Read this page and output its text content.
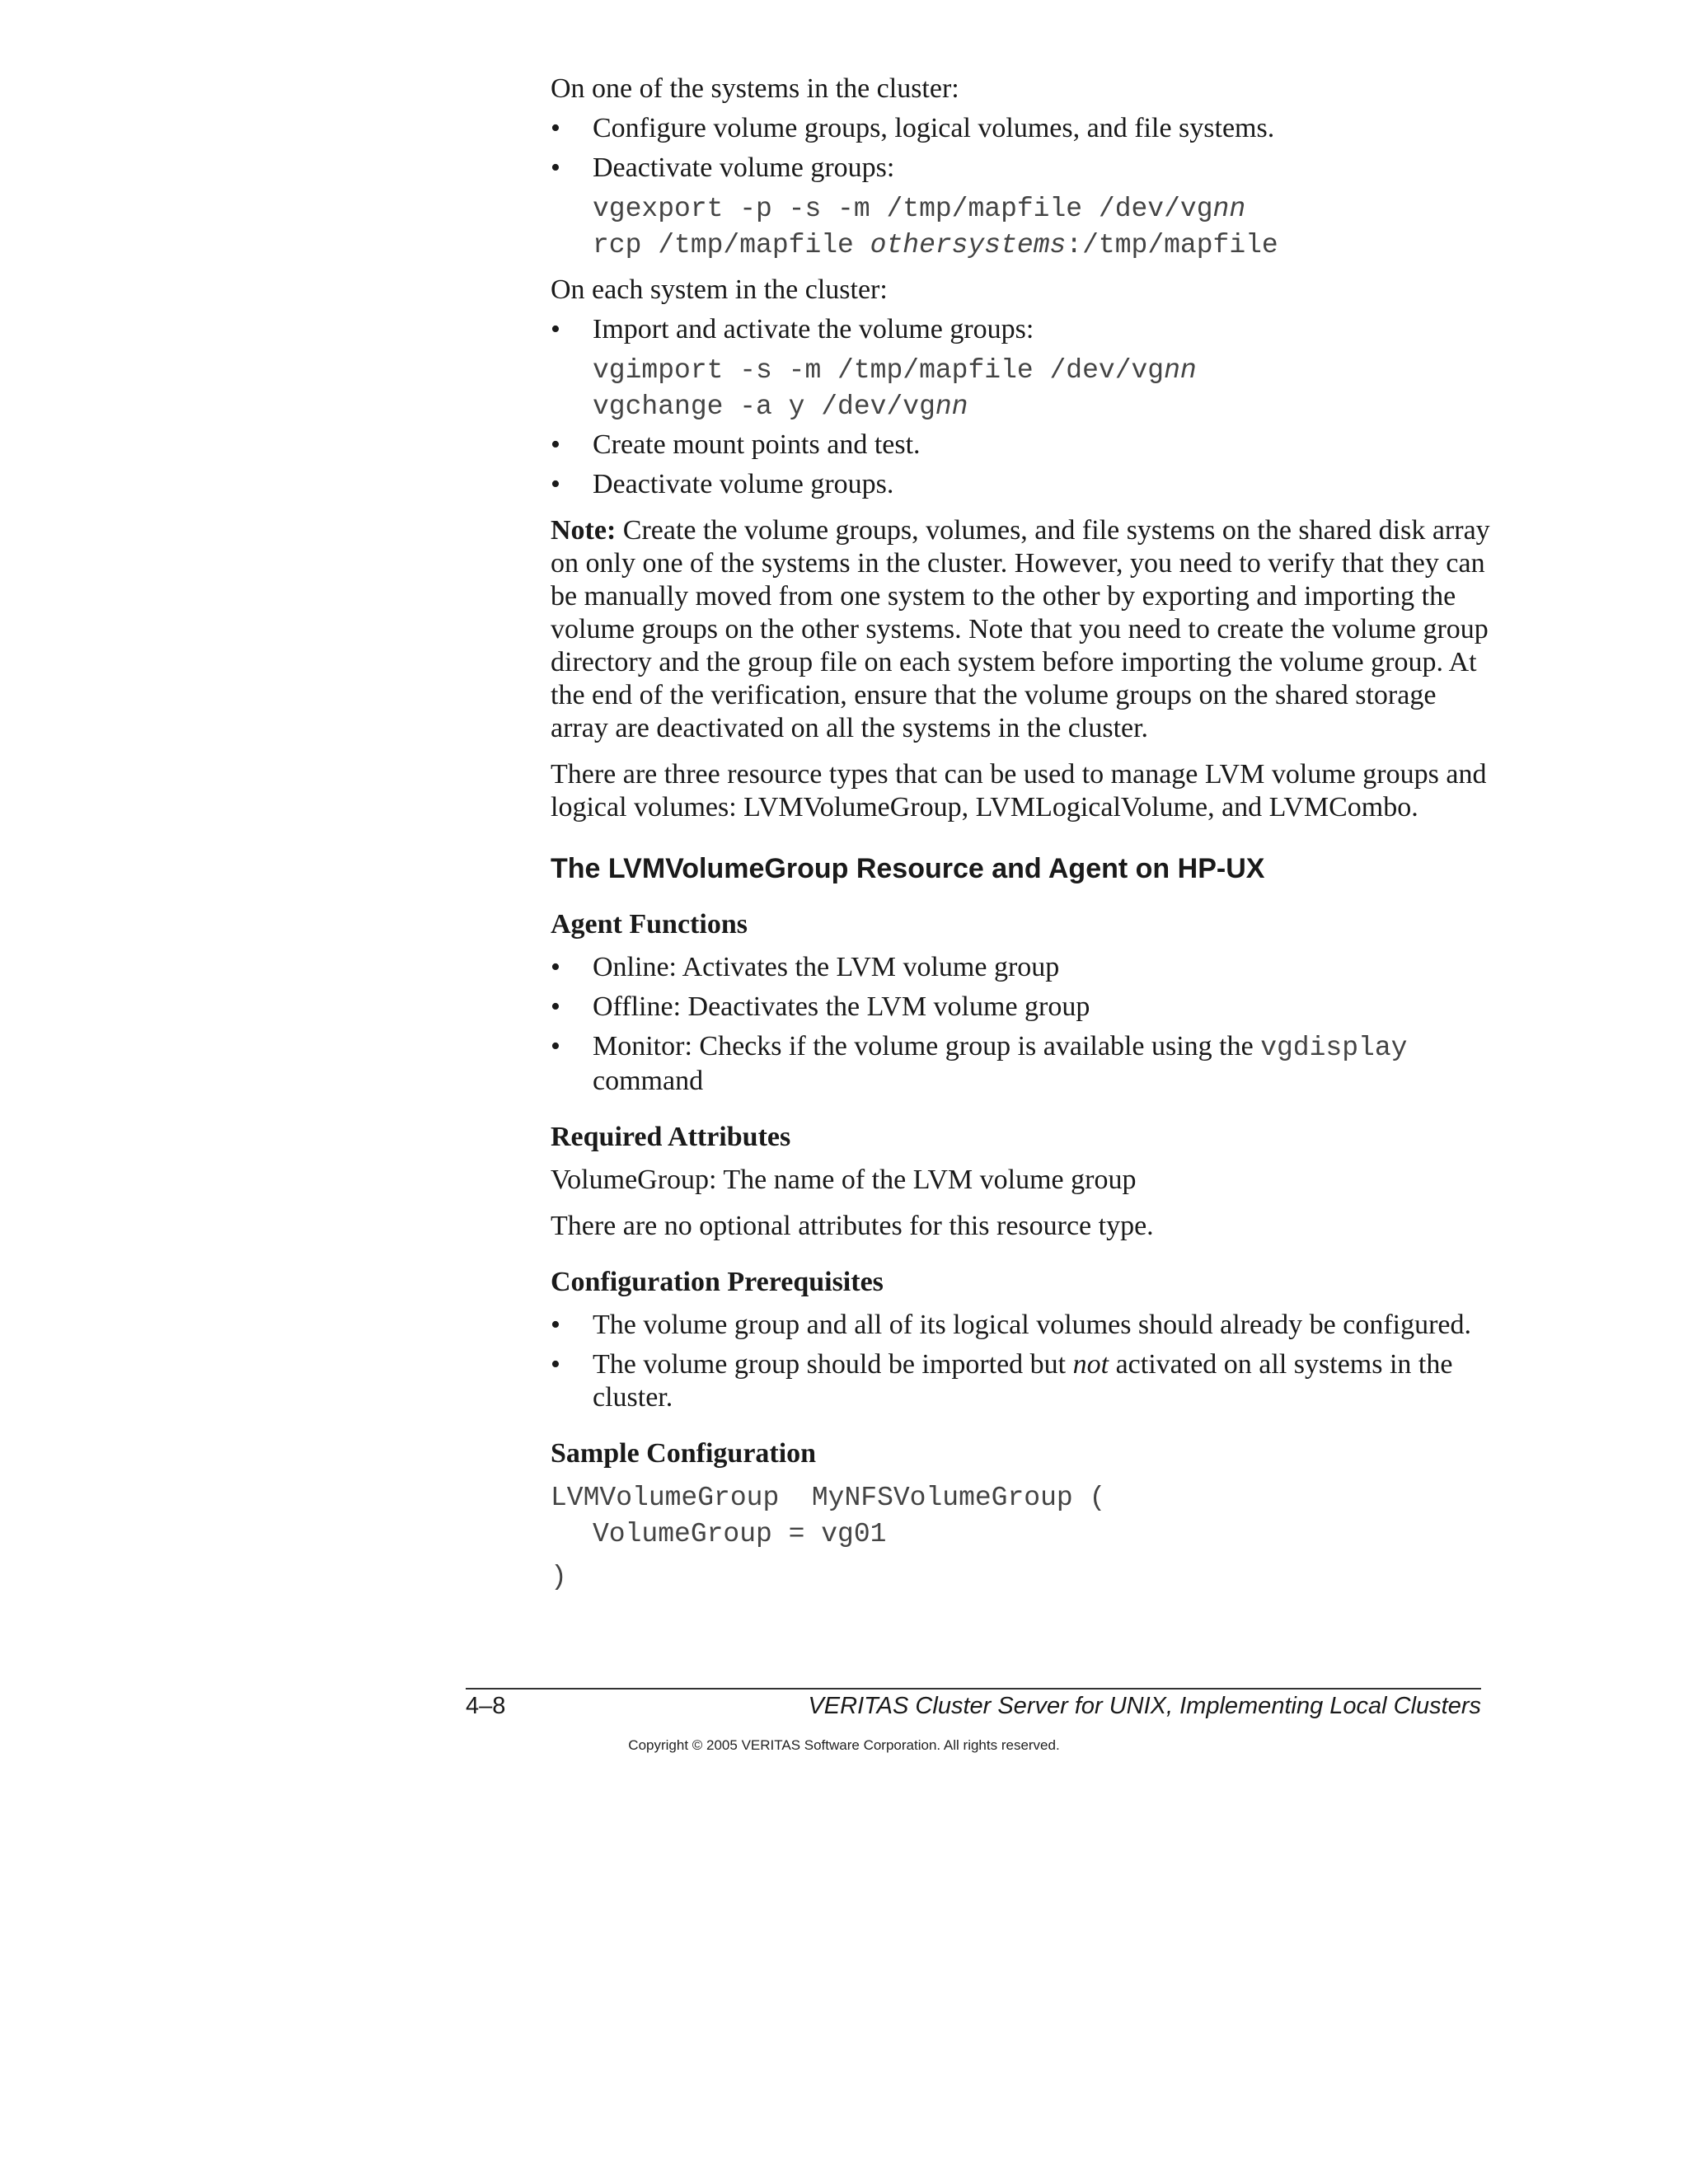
On one of the systems in the cluster:

• Configure volume groups, logical volumes, and file systems.
• Deactivate volume groups:
vgexport -p -s -m /tmp/mapfile /dev/vgnn
rcp /tmp/mapfile othersystems:/tmp/mapfile

On each system in the cluster:

• Import and activate the volume groups:
vgimport -s -m /tmp/mapfile /dev/vgnn
vgchange -a y /dev/vgnn
• Create mount points and test.
• Deactivate volume groups.

Note: Create the volume groups, volumes, and file systems on the shared disk array on only one of the systems in the cluster. However, you need to verify that they can be manually moved from one system to the other by exporting and importing the volume groups on the other systems. Note that you need to create the volume group directory and the group file on each system before importing the volume group. At the end of the verification, ensure that the volume groups on the shared storage array are deactivated on all the systems in the cluster.

There are three resource types that can be used to manage LVM volume groups and logical volumes: LVMVolumeGroup, LVMLogicalVolume, and LVMCombo.

The LVMVolumeGroup Resource and Agent on HP-UX
Agent Functions
• Online: Activates the LVM volume group
• Offline: Deactivates the LVM volume group
• Monitor: Checks if the volume group is available using the vgdisplay
command
Required Attributes

VolumeGroup: The name of the LVM volume group

There are no optional attributes for this resource type.

Configuration Prerequisites
• The volume group and all of its logical volumes should already be configured.
• The volume group should be imported but not activated on all systems in the cluster.
Sample Configuration
LVMVolumeGroup  MyNFSVolumeGroup (
VolumeGroup = vg01
)
4–8	VERITAS Cluster Server for UNIX, Implementing Local Clusters
Copyright © 2005 VERITAS Software Corporation. All rights reserved.
